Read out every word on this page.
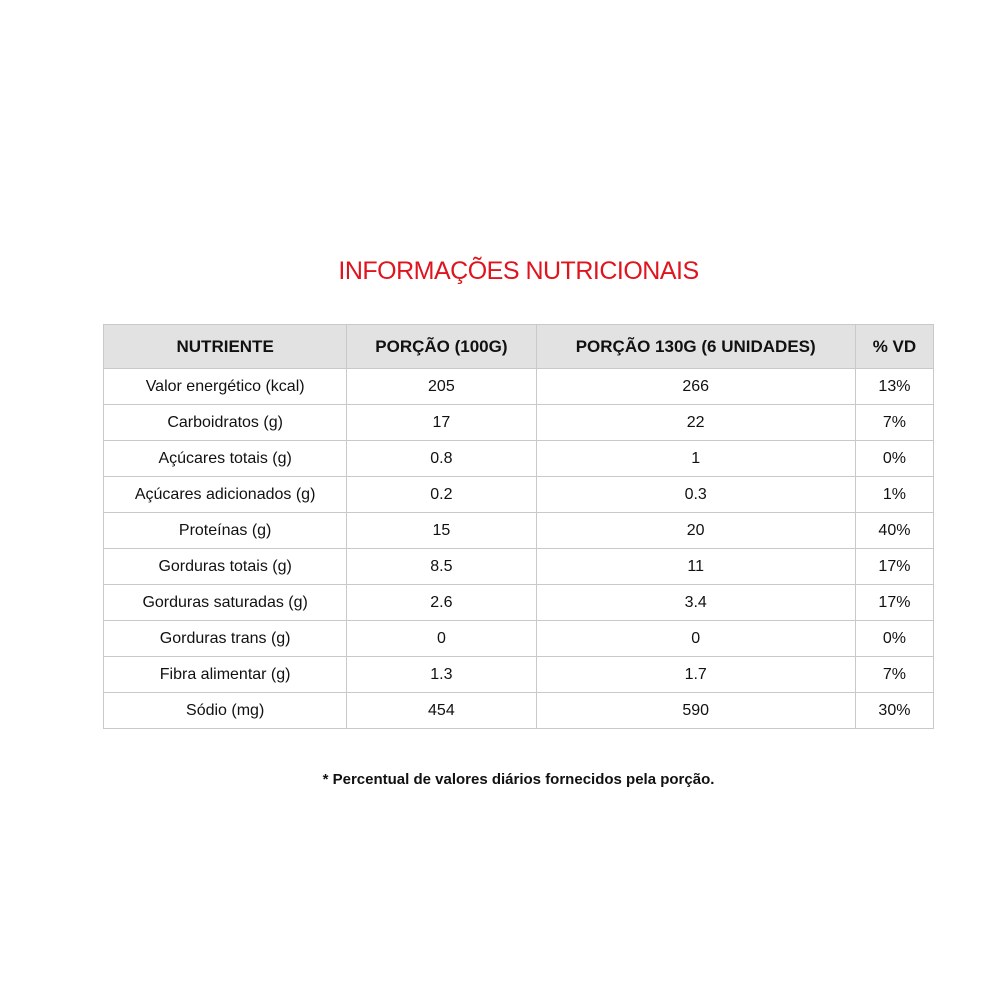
INFORMAÇÕES NUTRICIONAIS
NUTRIENTE	PORÇÃO (100G)	PORÇÃO 130G (6 UNIDADES)	% VD
Valor energético (kcal)	205	266	13%
Carboidratos (g)	17	22	7%
Açúcares totais (g)	0.8	1	0%
Açúcares adicionados (g)	0.2	0.3	1%
Proteínas (g)	15	20	40%
Gorduras totais (g)	8.5	11	17%
Gorduras saturadas (g)	2.6	3.4	17%
Gorduras trans (g)	0	0	0%
Fibra alimentar (g)	1.3	1.7	7%
Sódio (mg)	454	590	30%
* Percentual de valores diários fornecidos pela porção.
